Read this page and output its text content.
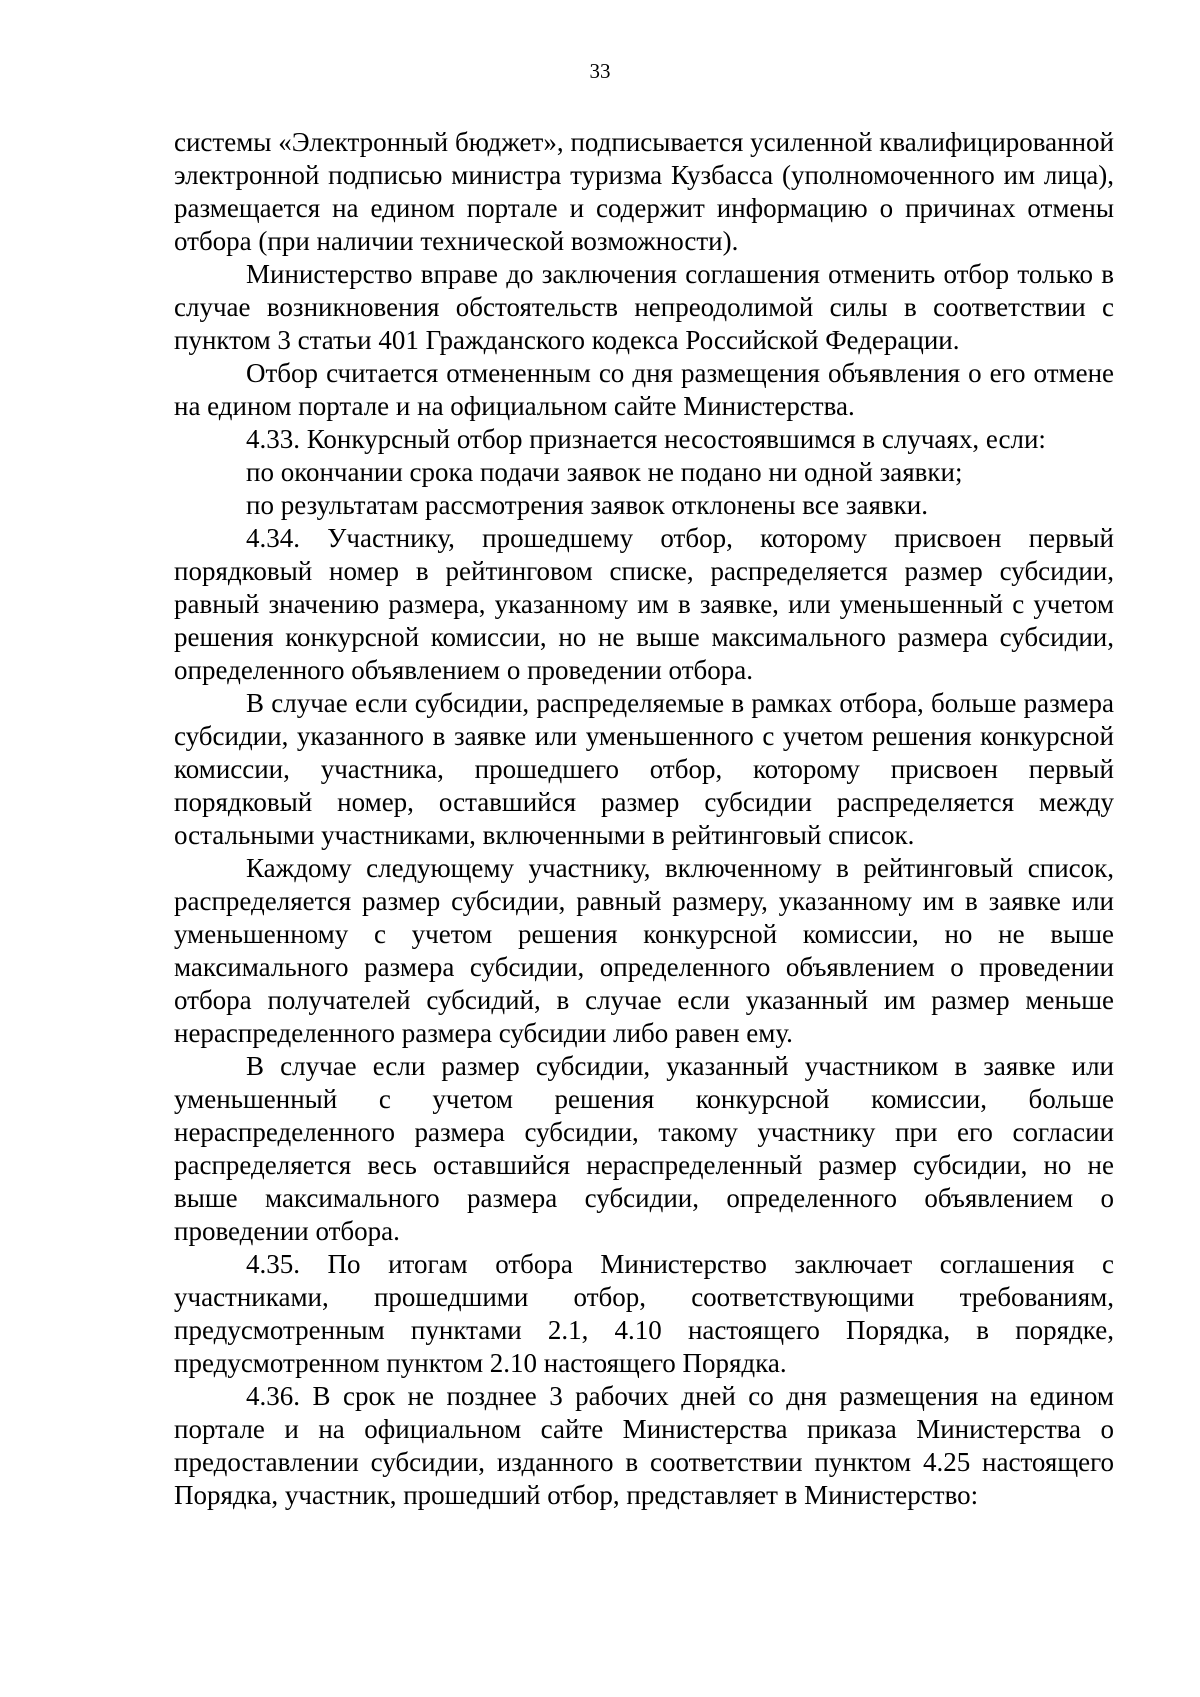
33

системы «Электронный бюджет», подписывается усиленной квалифицированной электронной подписью министра туризма Кузбасса (уполномоченного им лица), размещается на едином портале и содержит информацию о причинах отмены отбора (при наличии технической возможности).

Министерство вправе до заключения соглашения отменить отбор только в случае возникновения обстоятельств непреодолимой силы в соответствии с пунктом 3 статьи 401 Гражданского кодекса Российской Федерации.

Отбор считается отмененным со дня размещения объявления о его отмене на едином портале и на официальном сайте Министерства.

4.33. Конкурсный отбор признается несостоявшимся в случаях, если:

по окончании срока подачи заявок не подано ни одной заявки;

по результатам рассмотрения заявок отклонены все заявки.

4.34. Участнику, прошедшему отбор, которому присвоен первый порядковый номер в рейтинговом списке, распределяется размер субсидии, равный значению размера, указанному им в заявке, или уменьшенный с учетом решения конкурсной комиссии, но не выше максимального размера субсидии, определенного объявлением о проведении отбора.

В случае если субсидии, распределяемые в рамках отбора, больше размера субсидии, указанного в заявке или уменьшенного с учетом решения конкурсной комиссии, участника, прошедшего отбор, которому присвоен первый порядковый номер, оставшийся размер субсидии распределяется между остальными участниками, включенными в рейтинговый список.

Каждому следующему участнику, включенному в рейтинговый список, распределяется размер субсидии, равный размеру, указанному им в заявке или уменьшенному с учетом решения конкурсной комиссии, но не выше максимального размера субсидии, определенного объявлением о проведении отбора получателей субсидий, в случае если указанный им размер меньше нераспределенного размера субсидии либо равен ему.

В случае если размер субсидии, указанный участником в заявке или уменьшенный с учетом решения конкурсной комиссии, больше нераспределенного размера субсидии, такому участнику при его согласии распределяется весь оставшийся нераспределенный размер субсидии, но не выше максимального размера субсидии, определенного объявлением о проведении отбора.

4.35. По итогам отбора Министерство заключает соглашения с участниками, прошедшими отбор, соответствующими требованиям, предусмотренным пунктами 2.1, 4.10 настоящего Порядка, в порядке, предусмотренном пунктом 2.10 настоящего Порядка.

4.36. В срок не позднее 3 рабочих дней со дня размещения на едином портале и на официальном сайте Министерства приказа Министерства о предоставлении субсидии, изданного в соответствии пунктом 4.25 настоящего Порядка, участник, прошедший отбор, представляет в Министерство:
